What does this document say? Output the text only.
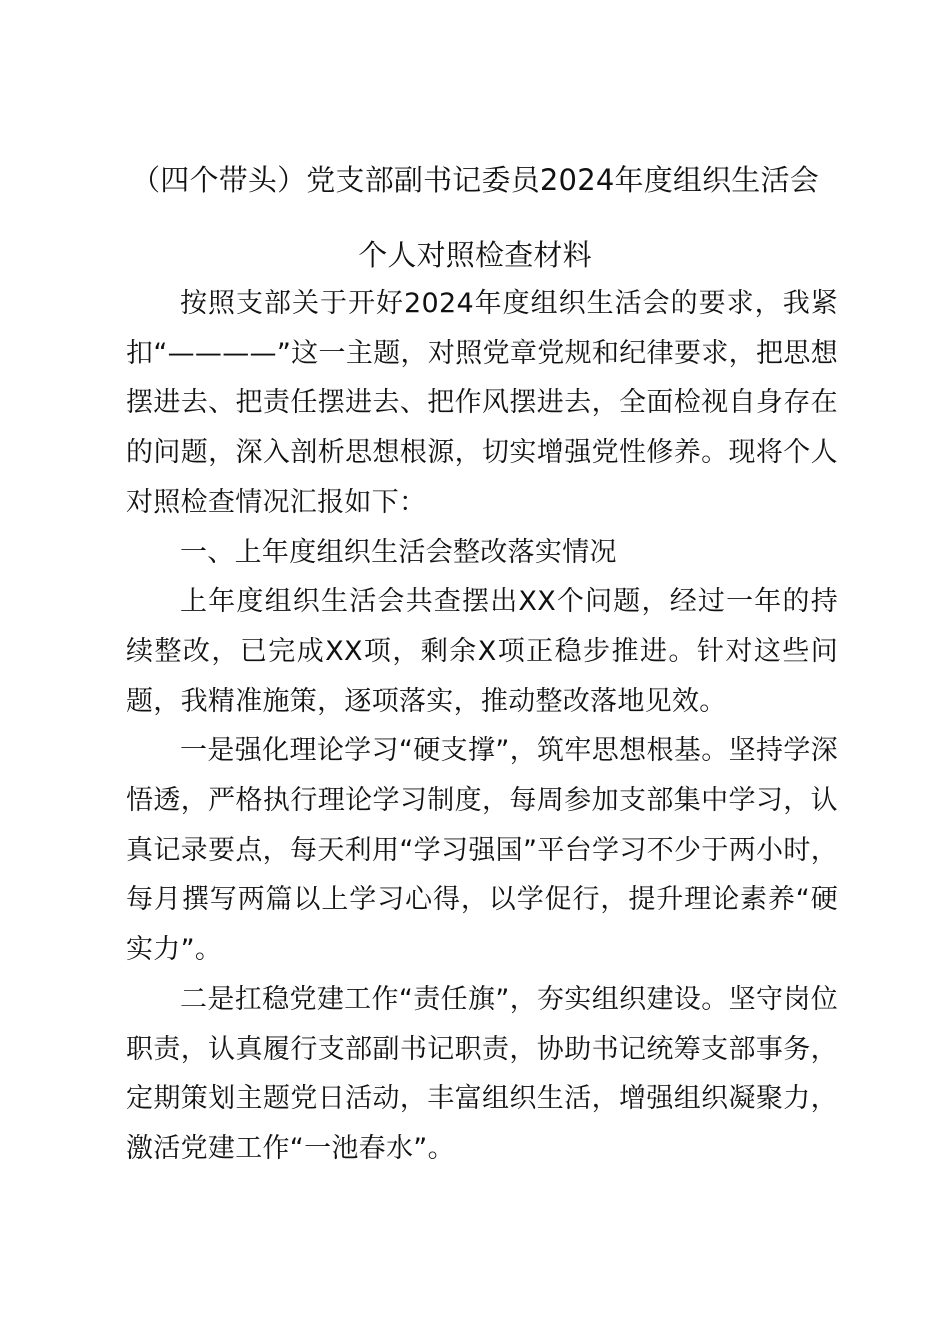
（四个带头）党支部副书记委员2024年度组织生活会
个人对照检查材料

按照支部关于开好2024年度组织生活会的要求，我紧扣“————”这一主题，对照党章党规和纪律要求，把思想摆进去、把责任摆进去、把作风摆进去，全面检视自身存在的问题，深入剖析思想根源，切实增强党性修养。现将个人对照检查情况汇报如下：

一、上年度组织生活会整改落实情况

上年度组织生活会共查摆出XX个问题，经过一年的持续整改，已完成XX项，剩余X项正稳步推进。针对这些问题，我精准施策，逐项落实，推动整改落地见效。

一是强化理论学习“硬支撑”，筑牢思想根基。坚持学深悟透，严格执行理论学习制度，每周参加支部集中学习，认真记录要点，每天利用“学习强国”平台学习不少于两小时，每月撰写两篇以上学习心得，以学促行，提升理论素养“硬实力”。

二是扛稳党建工作“责任旗”，夯实组织建设。坚守岗位职责，认真履行支部副书记职责，协助书记统筹支部事务，定期策划主题党日活动，丰富组织生活，增强组织凝聚力，激活党建工作“一池春水”。
